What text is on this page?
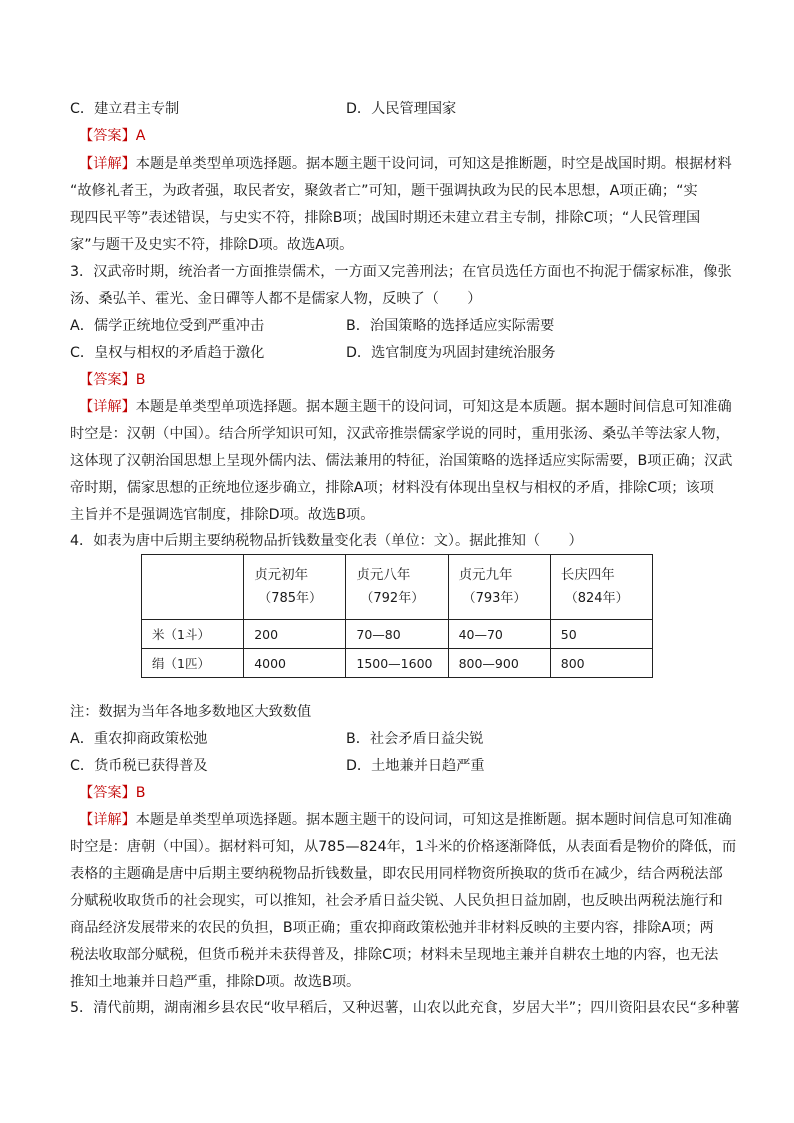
C．建立君主专制	D．人民管理国家
【答案】A
【详解】本题是单类型单项选择题。据本题主题干设问词，可知这是推断题，时空是战国时期。根据材料
“故修礼者王，为政者强，取民者安，聚敛者亡”可知，题干强调执政为民的民本思想，A项正确；“实
现四民平等”表述错误，与史实不符，排除B项；战国时期还未建立君主专制，排除C项；“人民管理国
家”与题干及史实不符，排除D项。故选A项。
3．汉武帝时期，统治者一方面推崇儒术，一方面又完善刑法；在官员选任方面也不拘泥于儒家标准，像张
汤、桑弘羊、霍光、金日磾等人都不是儒家人物，反映了（　　）
A．儒学正统地位受到严重冲击	B．治国策略的选择适应实际需要
C．皇权与相权的矛盾趋于激化	D．选官制度为巩固封建统治服务
【答案】B
【详解】本题是单类型单项选择题。据本题主题干的设问词，可知这是本质题。据本题时间信息可知准确
时空是：汉朝（中国）。结合所学知识可知，汉武帝推崇儒家学说的同时，重用张汤、桑弘羊等法家人物，
这体现了汉朝治国思想上呈现外儒内法、儒法兼用的特征，治国策略的选择适应实际需要，B项正确；汉武
帝时期，儒家思想的正统地位逐步确立，排除A项；材料没有体现出皇权与相权的矛盾，排除C项；该项
主旨并不是强调选官制度，排除D项。故选B项。
4．如表为唐中后期主要纳税物品折钱数量变化表（单位：文）。据此推知（　　）

	贞元初年
（785年）	贞元八年
（792年）	贞元九年
（793年）	长庆四年
（824年）

米（1斗）	200	70—80	40—70	50
绢（1匹）	4000	1500—1600	800—900	800
注：数据为当年各地多数地区大致数值
A．重农抑商政策松弛	B．社会矛盾日益尖锐
C．货币税已获得普及	D．土地兼并日趋严重
【答案】B
【详解】本题是单类型单项选择题。据本题主题干的设问词，可知这是推断题。据本题时间信息可知准确
时空是：唐朝（中国）。据材料可知，从785—824年，1斗米的价格逐渐降低，从表面看是物价的降低，而
表格的主题确是唐中后期主要纳税物品折钱数量，即农民用同样物资所换取的货币在减少，结合两税法部
分赋税收取货币的社会现实，可以推知，社会矛盾日益尖锐、人民负担日益加剧，也反映出两税法施行和
商品经济发展带来的农民的负担，B项正确；重农抑商政策松弛并非材料反映的主要内容，排除A项；两
税法收取部分赋税，但货币税并未获得普及，排除C项；材料未呈现地主兼并自耕农土地的内容，也无法
推知土地兼并日趋严重，排除D项。故选B项。
5．清代前期，湖南湘乡县农民“收早稻后，又种迟薯，山农以此充食，岁居大半”；四川资阳县农民“多种薯
